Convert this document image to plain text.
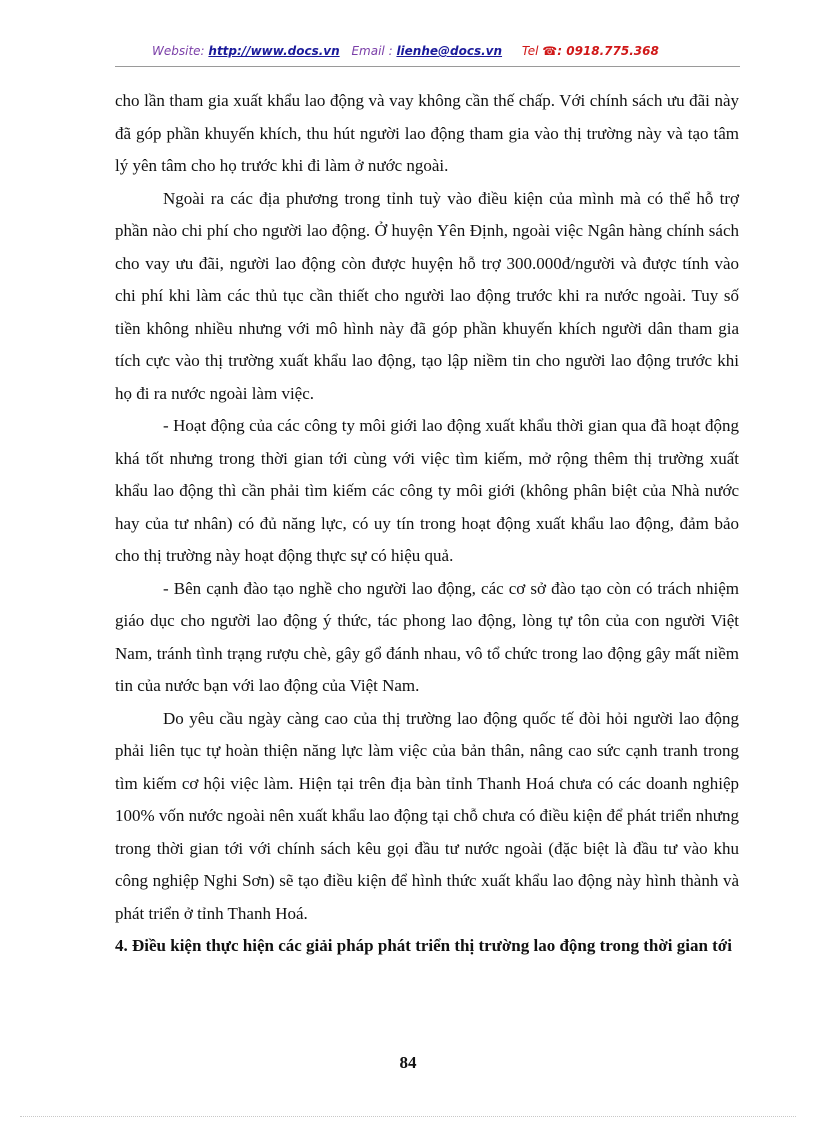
Website: http://www.docs.vn Email : lienhe@docs.vn Tel ☎: 0918.775.368

cho lần tham gia xuất khẩu lao động và vay không cần thế chấp. Với chính sách ưu đãi này đã góp phần khuyến khích, thu hút người lao động tham gia vào thị trường này và tạo tâm lý yên tâm cho họ trước khi đi làm ở nước ngoài.

Ngoài ra các địa phương trong tỉnh tuỳ vào điều kiện của mình mà có thể hỗ trợ phần nào chi phí cho người lao động. Ở huyện Yên Định, ngoài việc Ngân hàng chính sách cho vay ưu đãi, người lao động còn được huyện hỗ trợ 300.000đ/người và được tính vào chi phí khi làm các thủ tục cần thiết cho người lao động trước khi ra nước ngoài. Tuy số tiền không nhiều nhưng với mô hình này đã góp phần khuyến khích người dân tham gia tích cực vào thị trường xuất khẩu lao động, tạo lập niềm tin cho người lao động trước khi họ đi ra nước ngoài làm việc.

- Hoạt động của các công ty môi giới lao động xuất khẩu thời gian qua đã hoạt động khá tốt nhưng trong thời gian tới cùng với việc tìm kiếm, mở rộng thêm thị trường xuất khẩu lao động thì cần phải tìm kiếm các công ty môi giới (không phân biệt của Nhà nước hay của tư nhân) có đủ năng lực, có uy tín trong hoạt động xuất khẩu lao động, đảm bảo cho thị trường này hoạt động thực sự có hiệu quả.

- Bên cạnh đào tạo nghề cho người lao động, các cơ sở đào tạo còn có trách nhiệm giáo dục cho người lao động ý thức, tác phong lao động, lòng tự tôn của con người Việt Nam, tránh tình trạng rượu chè, gây gổ đánh nhau, vô tổ chức trong lao động gây mất niềm tin của nước bạn với lao động của Việt Nam.

Do yêu cầu ngày càng cao của thị trường lao động quốc tế đòi hỏi người lao động phải liên tục tự hoàn thiện năng lực làm việc của bản thân, nâng cao sức cạnh tranh trong tìm kiếm cơ hội việc làm. Hiện tại trên địa bàn tỉnh Thanh Hoá chưa có các doanh nghiệp 100% vốn nước ngoài nên xuất khẩu lao động tại chỗ chưa có điều kiện để phát triển nhưng trong thời gian tới với chính sách kêu gọi đầu tư nước ngoài (đặc biệt là đầu tư vào khu công nghiệp Nghi Sơn) sẽ tạo điều kiện để hình thức xuất khẩu lao động này hình thành và phát triển ở tỉnh Thanh Hoá.

4. Điều kiện thực hiện các giải pháp phát triển thị trường lao động trong thời gian tới
84
